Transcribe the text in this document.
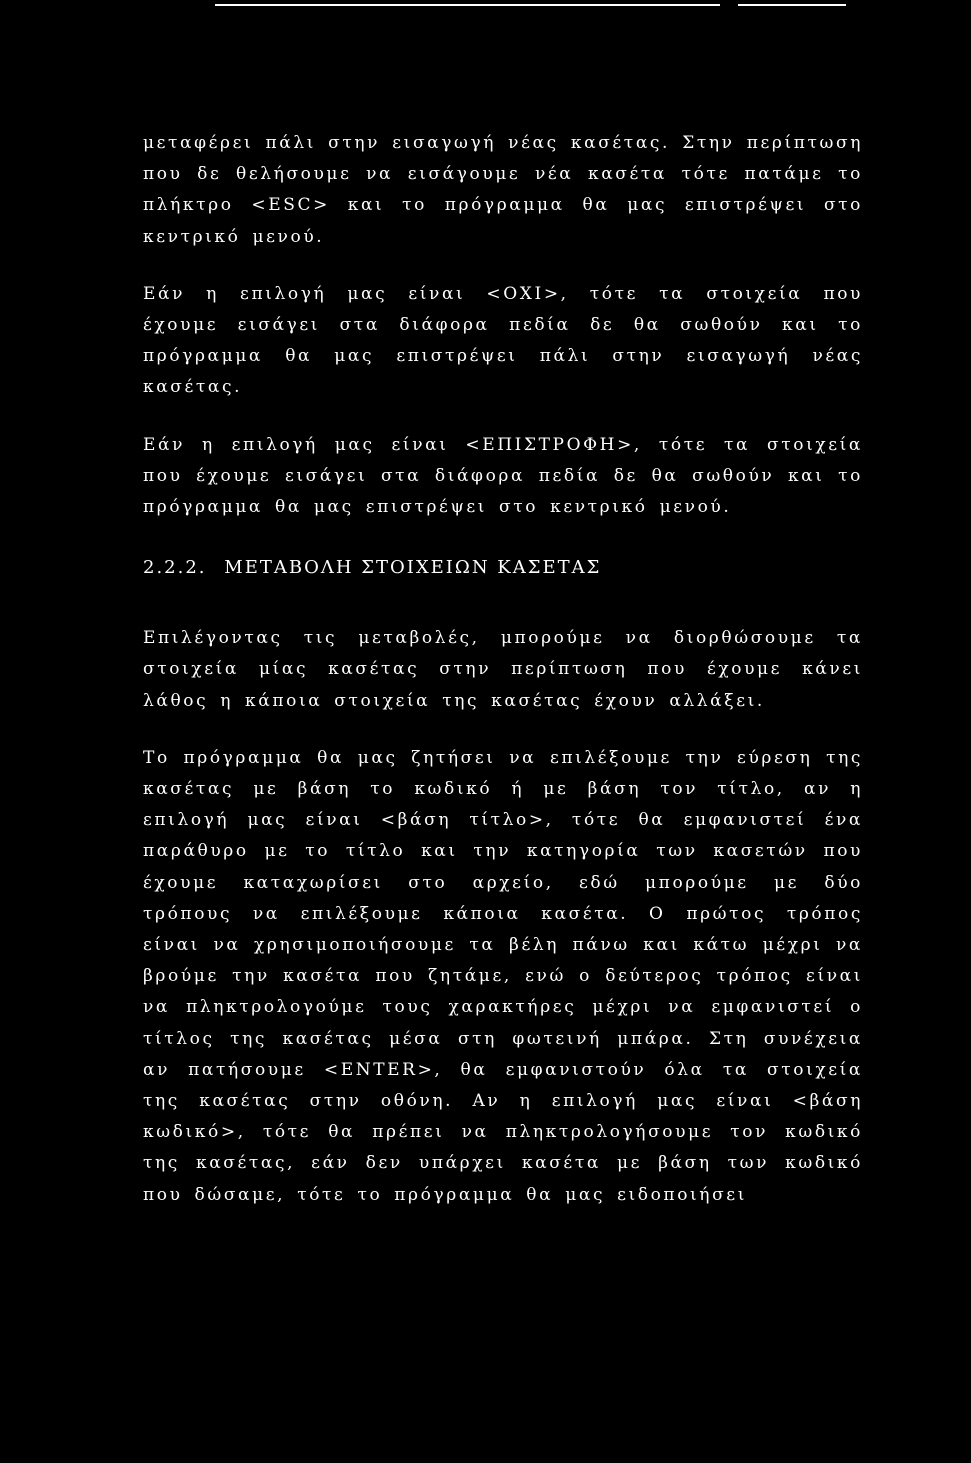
μεταφέρει πάλι στην εισαγωγή νέας κασέτας. Στην περίπτωση που δε θελήσουμε να εισάγουμε νέα κασέτα τότε πατάμε το πλήκτρο <ESC> και το πρόγραμμα θα μας επιστρέψει στο κεντρικό μενού.

Εάν η επιλογή μας είναι <ΟΧΙ>, τότε τα στοιχεία που έχουμε εισάγει στα διάφορα πεδία δε θα σωθούν και το πρόγραμμα θα μας επιστρέψει πάλι στην εισαγωγή νέας κασέτας.

Εάν η επιλογή μας είναι <ΕΠΙΣΤΡΟΦΗ>, τότε τα στοιχεία που έχουμε εισάγει στα διάφορα πεδία δε θα σωθούν και το πρόγραμμα θα μας επιστρέψει στο κεντρικό μενού.

2.2.2. ΜΕΤΑΒΟΛΗ ΣΤΟΙΧΕΙΩΝ ΚΑΣΕΤΑΣ

Επιλέγοντας τις μεταβολές, μπορούμε να διορθώσουμε τα στοιχεία μίας κασέτας στην περίπτωση που έχουμε κάνει λάθος η κάποια στοιχεία της κασέτας έχουν αλλάξει.

Το πρόγραμμα θα μας ζητήσει να επιλέξουμε την εύρεση της κασέτας με βάση το κωδικό ή με βάση τον τίτλο, αν η επιλογή μας είναι <βάση τίτλο>, τότε θα εμφανιστεί ένα παράθυρο με το τίτλο και την κατηγορία των κασετών που έχουμε καταχωρίσει στο αρχείο, εδώ μπορούμε με δύο τρόπους να επιλέξουμε κάποια κασέτα. Ο πρώτος τρόπος είναι να χρησιμοποιήσουμε τα βέλη πάνω και κάτω μέχρι να βρούμε την κασέτα που ζητάμε, ενώ ο δεύτερος τρόπος είναι να πληκτρολογούμε τους χαρακτήρες μέχρι να εμφανιστεί ο τίτλος της κασέτας μέσα στη φωτεινή μπάρα. Στη συνέχεια αν πατήσουμε <ENTER>, θα εμφανιστούν όλα τα στοιχεία της κασέτας στην οθόνη. Αν η επιλογή μας είναι <βάση κωδικό>, τότε θα πρέπει να πληκτρολογήσουμε τον κωδικό της κασέτας, εάν δεν υπάρχει κασέτα με βάση των κωδικό που δώσαμε, τότε το πρόγραμμα θα μας ειδοποιήσει
